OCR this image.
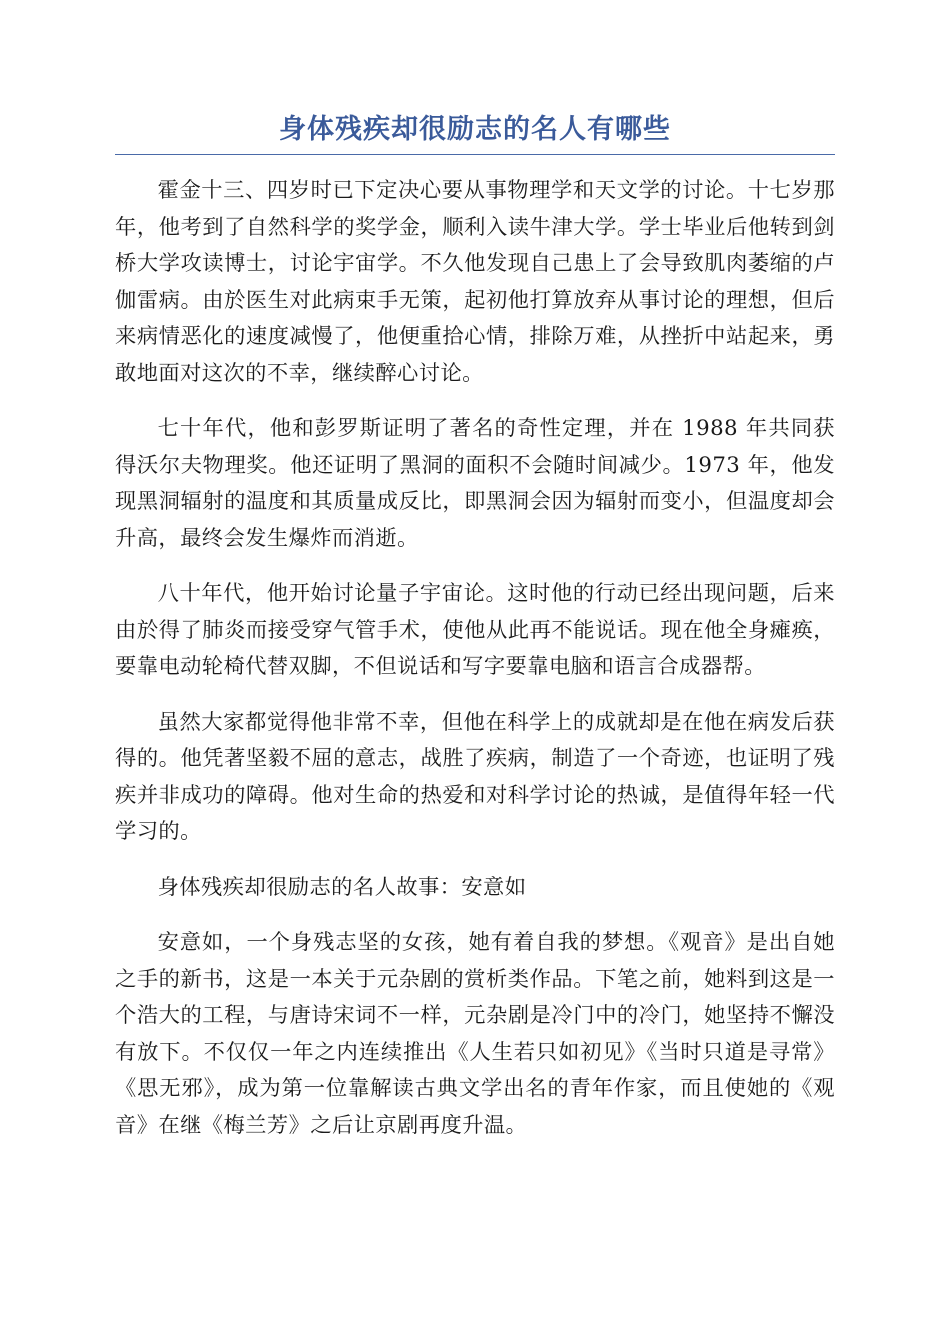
身体残疾却很励志的名人有哪些

霍金十三、四岁时已下定决心要从事物理学和天文学的讨论。十七岁那年，他考到了自然科学的奖学金，顺利入读牛津大学。学士毕业后他转到剑桥大学攻读博士，讨论宇宙学。不久他发现自己患上了会导致肌肉萎缩的卢伽雷病。由於医生对此病束手无策，起初他打算放弃从事讨论的理想，但后来病情恶化的速度减慢了，他便重拾心情，排除万难，从挫折中站起来，勇敢地面对这次的不幸，继续醉心讨论。

七十年代，他和彭罗斯证明了著名的奇性定理，并在 1988 年共同获得沃尔夫物理奖。他还证明了黑洞的面积不会随时间减少。1973 年，他发现黑洞辐射的温度和其质量成反比，即黑洞会因为辐射而变小，但温度却会升高，最终会发生爆炸而消逝。

八十年代，他开始讨论量子宇宙论。这时他的行动已经出现问题，后来由於得了肺炎而接受穿气管手术，使他从此再不能说话。现在他全身瘫痪，要靠电动轮椅代替双脚，不但说话和写字要靠电脑和语言合成器帮。

虽然大家都觉得他非常不幸，但他在科学上的成就却是在他在病发后获得的。他凭著坚毅不屈的意志，战胜了疾病，制造了一个奇迹，也证明了残疾并非成功的障碍。他对生命的热爱和对科学讨论的热诚，是值得年轻一代学习的。

身体残疾却很励志的名人故事：安意如

安意如，一个身残志坚的女孩，她有着自我的梦想。《观音》是出自她之手的新书，这是一本关于元杂剧的赏析类作品。下笔之前，她料到这是一个浩大的工程，与唐诗宋词不一样，元杂剧是冷门中的冷门，她坚持不懈没有放下。不仅仅一年之内连续推出《人生若只如初见》《当时只道是寻常》《思无邪》，成为第一位靠解读古典文学出名的青年作家，而且使她的《观音》在继《梅兰芳》之后让京剧再度升温。
